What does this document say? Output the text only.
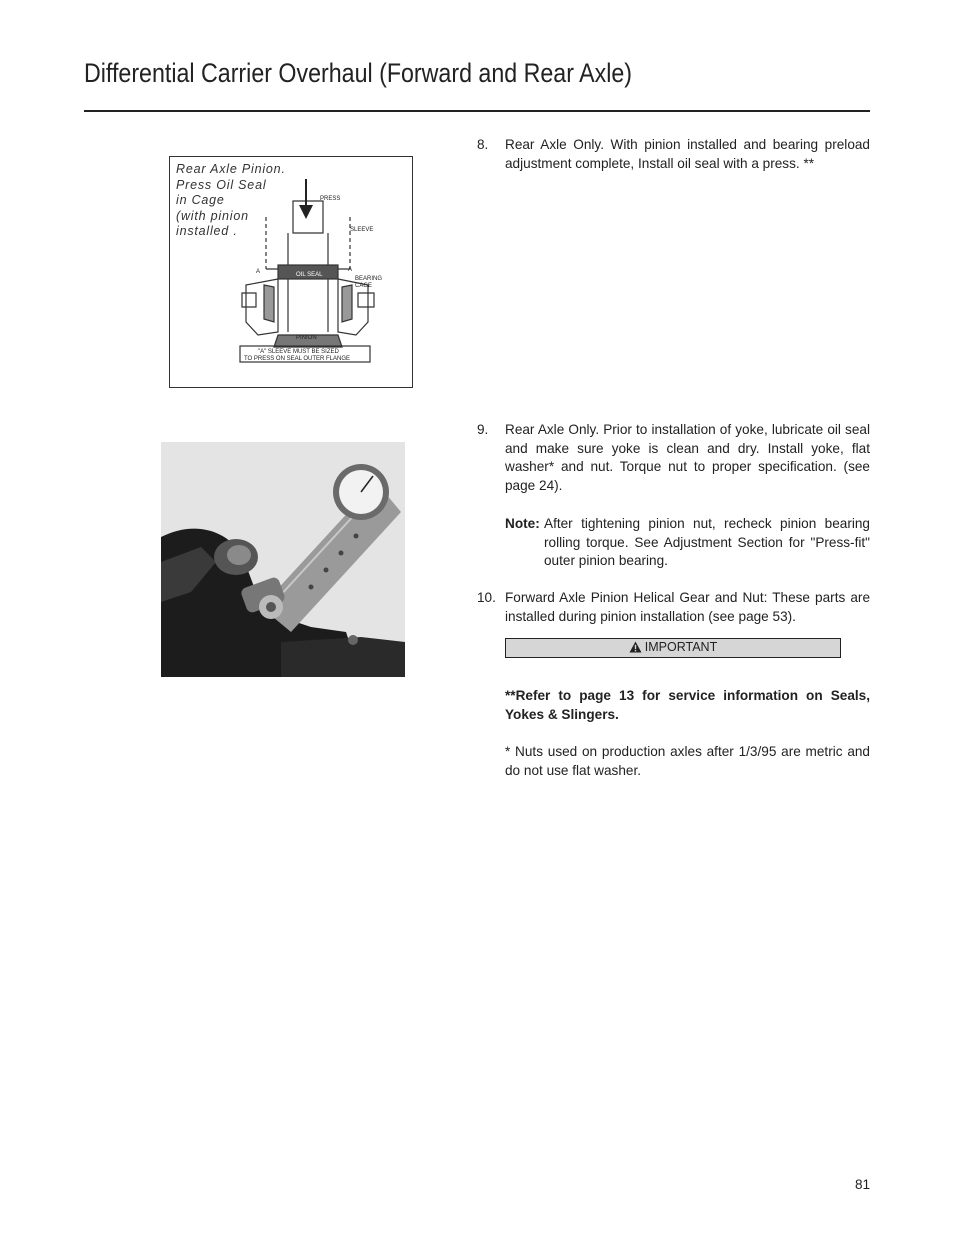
Differential Carrier Overhaul (Forward and Rear Axle)
PRESS
SLEEVE
OIL SEAL
BEARING
CAGE
PINION
A	A
"A" SLEEVE MUST BE SIZED
TO PRESS ON SEAL OUTER FLANGE
Rear Axle Pinion.
Press Oil Seal
in Cage
(with pinion
installed .
8. Rear Axle Only. With pinion installed and bearing preload adjustment complete, Install oil seal with a press. **
9. Rear Axle Only. Prior to installation of yoke, lubricate oil seal and make sure yoke is clean and dry. Install yoke, flat washer* and nut. Torque nut to proper specification. (see page 24).
Note: After tightening pinion nut, recheck pinion bearing rolling torque. See Adjustment Section for "Press-fit" outer pinion bearing.
10. Forward Axle Pinion Helical Gear and Nut: These parts are installed during pinion installation (see page 53).
IMPORTANT
**Refer to page 13 for service information on Seals, Yokes & Slingers.
* Nuts used on production axles after 1/3/95 are metric and do not use flat washer.
81
